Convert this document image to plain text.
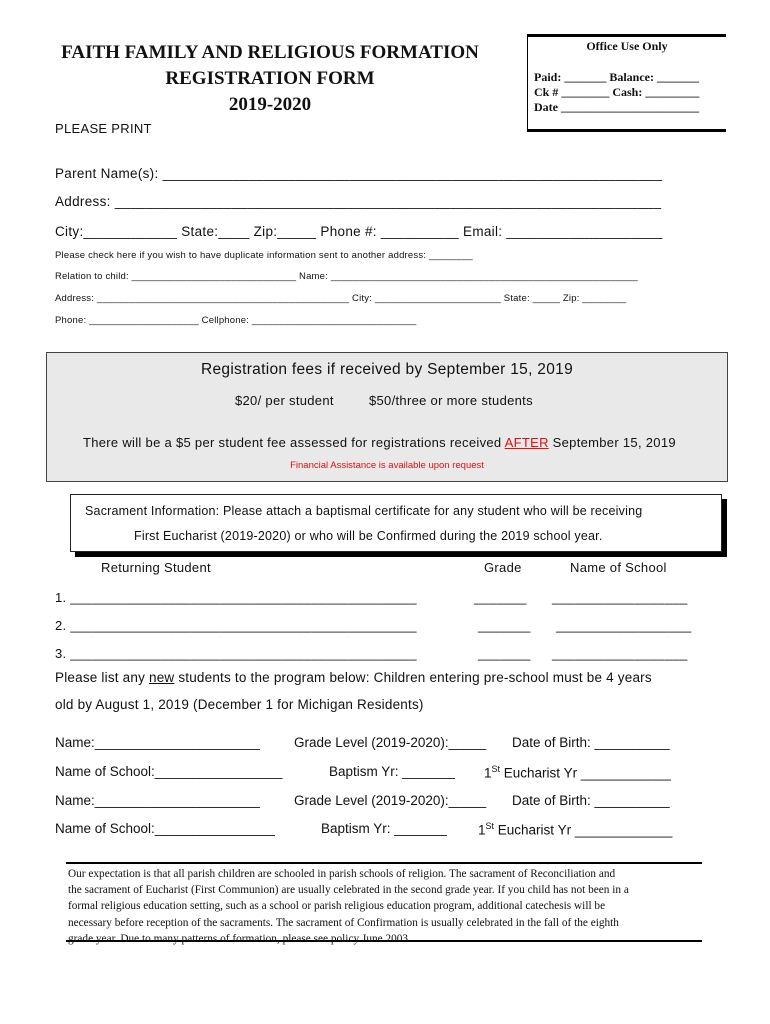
FAITH FAMILY AND RELIGIOUS FORMATION
REGISTRATION FORM
2019-2020
PLEASE PRINT
Office Use Only
Paid: _______ Balance: _______
Ck # ________ Cash: _________
Date _______________________
Parent Name(s): ________________________________________________________________
Address: ______________________________________________________________________
City:____________ State:____ Zip:_____ Phone #: __________ Email: ____________________
Please check here if you wish to have duplicate information sent to another address: ________
Relation to child: ______________________________ Name: ________________________________________________________
Address: ______________________________________________ City: _______________________ State: _____ Zip: ________
Phone: ____________________ Cellphone: ______________________________
Registration fees if received by September 15, 2019
$20/ per student	$50/three or more students
There will be a $5 per student fee assessed for registrations received AFTER September 15, 2019
Financial Assistance is available upon request
Sacrament Information: Please attach a baptismal certificate for any student who will be receiving
First Eucharist (2019-2020) or who will be Confirmed during the 2019 school year.
Returning Student	Grade	Name of School
1. ______________________________________________	_______ __________________
2. ______________________________________________	_______ __________________
3. ______________________________________________	_______ __________________
Please list any new students to the program below: Children entering pre-school must be 4 years
old by August 1, 2019 (December 1 for Michigan Residents)
Name:______________________	Grade Level (2019-2020):_____ Date of Birth: __________
Name of School:_________________	Baptism Yr: _______ 1St Eucharist Yr ____________
Name:______________________	Grade Level (2019-2020):_____ Date of Birth: __________
Name of School:________________	Baptism Yr: _______ 1St Eucharist Yr _____________
Our expectation is that all parish children are schooled in parish schools of religion. The sacrament of Reconciliation and
the sacrament of Eucharist (First Communion) are usually celebrated in the second grade year. If you child has not been in a
formal religious education setting, such as a school or parish religious education program, additional catechesis will be
necessary before reception of the sacraments. The sacrament of Confirmation is usually celebrated in the fall of the eighth
grade year. Due to many patterns of formation, please see policy June 2003.
